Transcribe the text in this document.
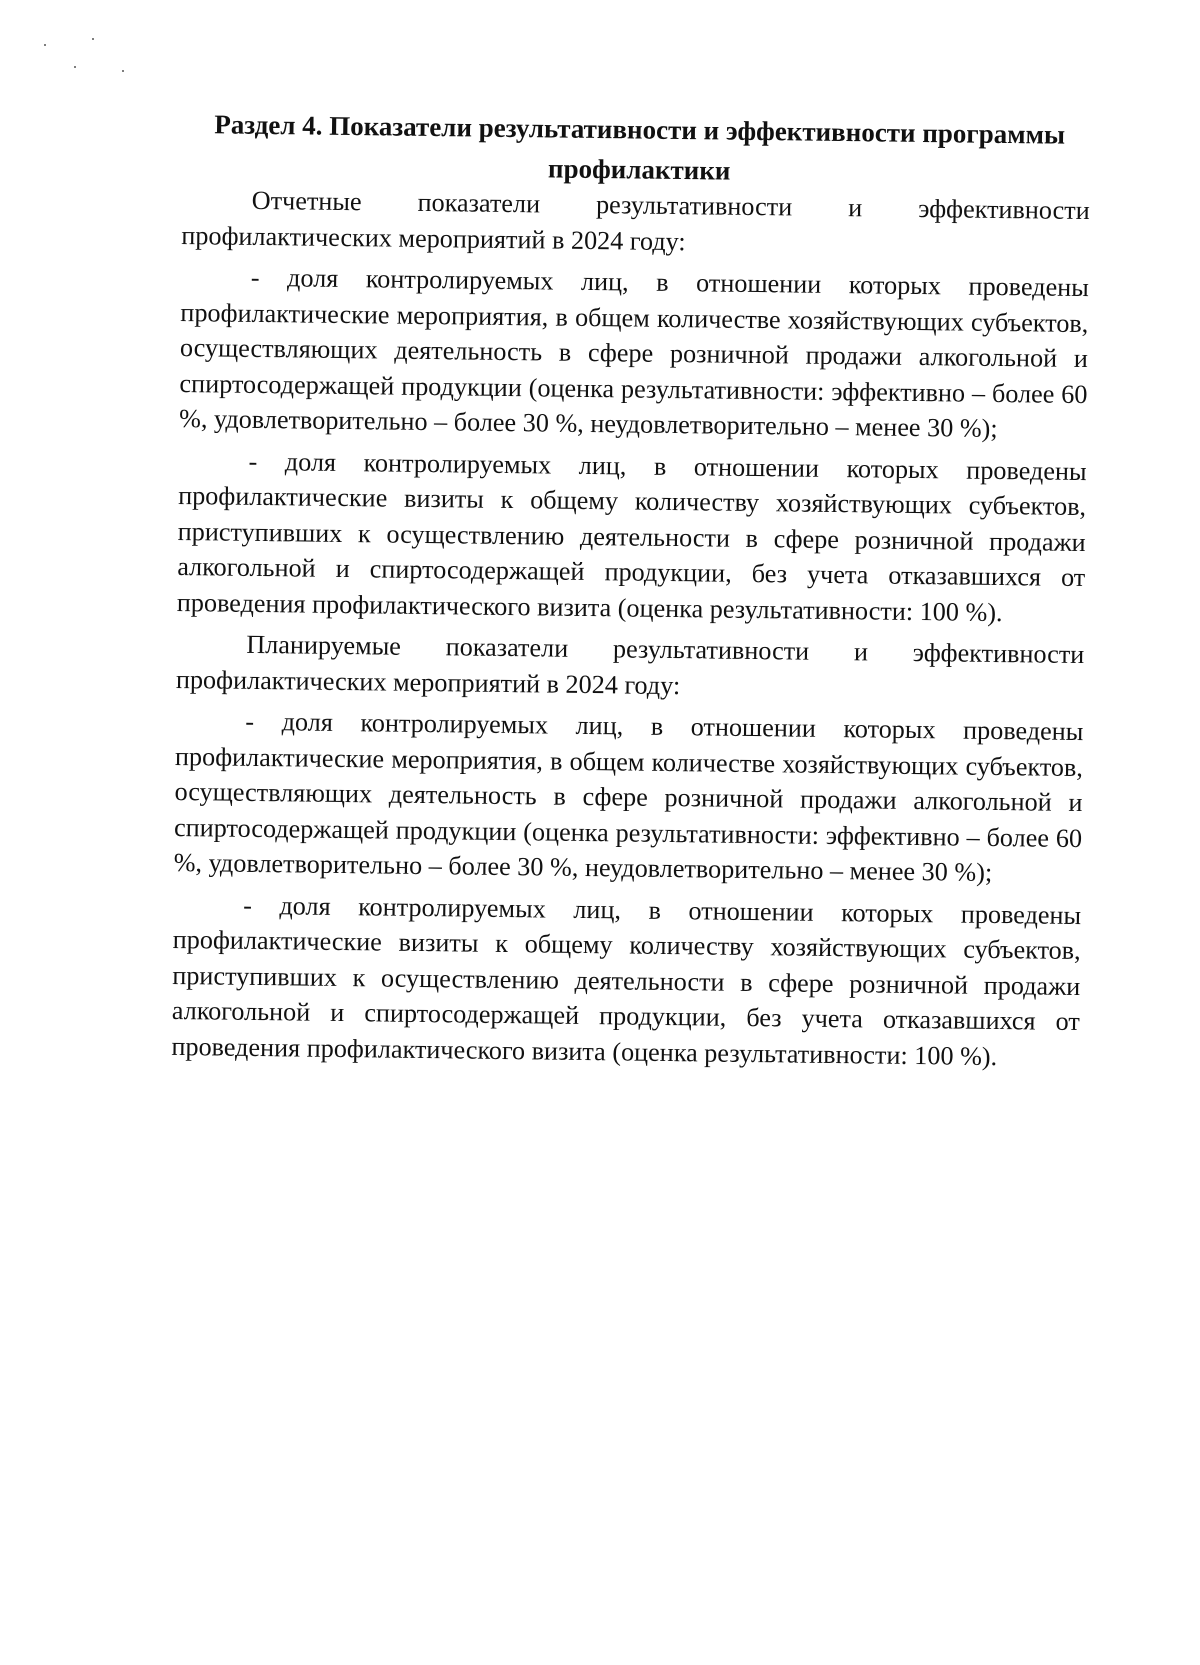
Раздел 4. Показатели результативности и эффективности программы профилактики

Отчетные показатели результативности и эффективности профилактических мероприятий в 2024 году:

- доля контролируемых лиц, в отношении которых проведены профилактические мероприятия, в общем количестве хозяйствующих субъектов, осуществляющих деятельность в сфере розничной продажи алкогольной и спиртосодержащей продукции (оценка результативности: эффективно – более 60 %, удовлетворительно – более 30 %, неудовлетворительно – менее 30 %);

- доля контролируемых лиц, в отношении которых проведены профилактические визиты к общему количеству хозяйствующих субъектов, приступивших к осуществлению деятельности в сфере розничной продажи алкогольной и спиртосодержащей продукции, без учета отказавшихся от проведения профилактического визита (оценка результативности: 100 %).

Планируемые показатели результативности и эффективности профилактических мероприятий в 2024 году:

- доля контролируемых лиц, в отношении которых проведены профилактические мероприятия, в общем количестве хозяйствующих субъектов, осуществляющих деятельность в сфере розничной продажи алкогольной и спиртосодержащей продукции (оценка результативности: эффективно – более 60 %, удовлетворительно – более 30 %, неудовлетворительно – менее 30 %);

- доля контролируемых лиц, в отношении которых проведены профилактические визиты к общему количеству хозяйствующих субъектов, приступивших к осуществлению деятельности в сфере розничной продажи алкогольной и спиртосодержащей продукции, без учета отказавшихся от проведения профилактического визита (оценка результативности: 100 %).
